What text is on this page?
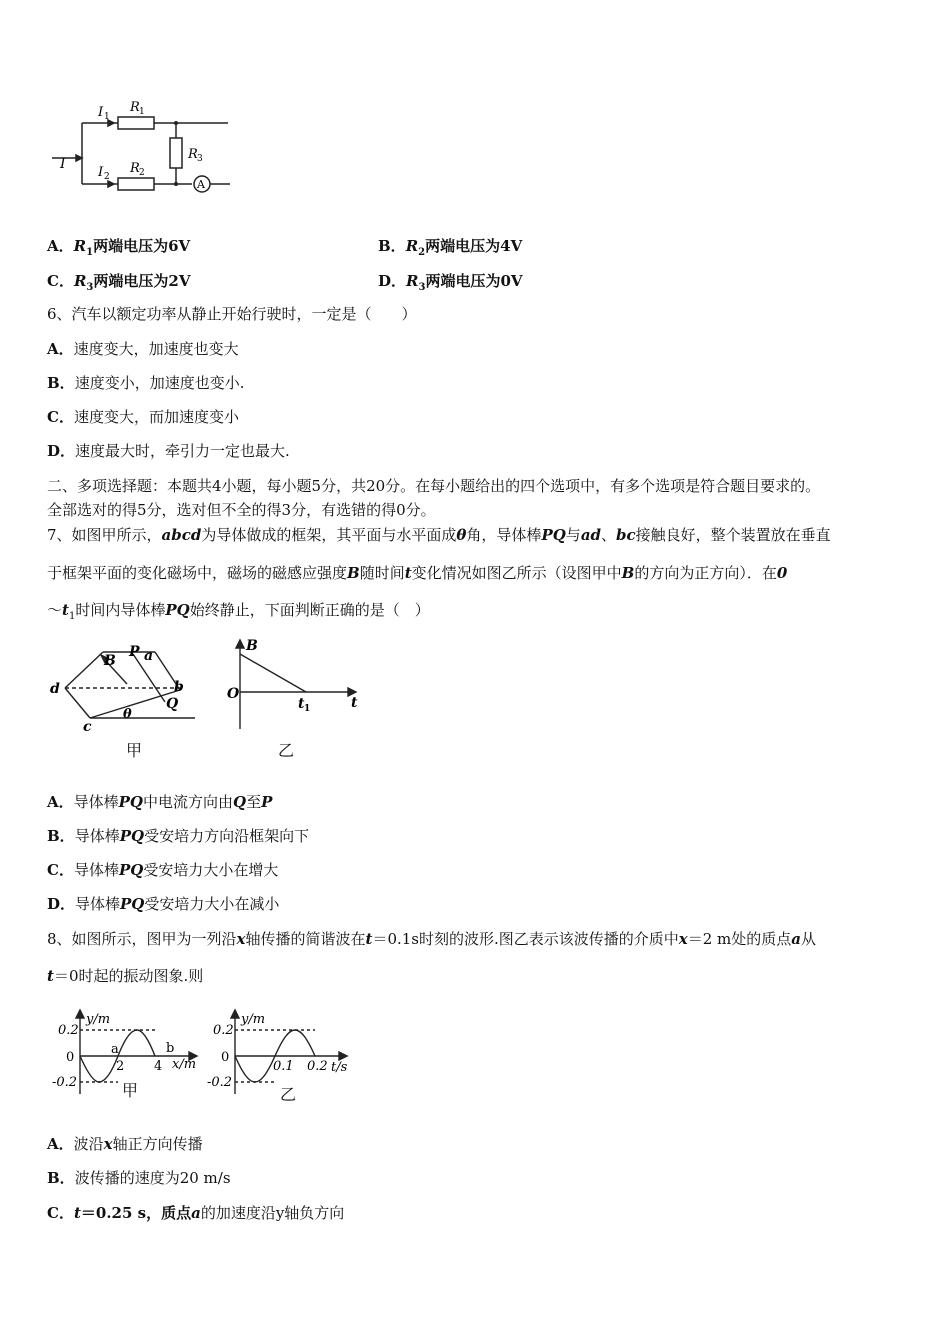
I 1
R 1
I
R 3
I 2
R 2
A
A．$R_1$两端电压为6V	B．$R_2$两端电压为4V
C．$R_3$两端电压为2V	D．$R_3$两端电压为0V
6、汽车以额定功率从静止开始行驶时，一定是（　　）
A．速度变大，加速度也变大
B．速度变小，加速度也变小.
C．速度变大，而加速度变小
D．速度最大时，牵引力一定也最大.
二、多项选择题：本题共4小题，每小题5分，共20分。在每小题给出的四个选项中，有多个选项是符合题目要求的。
全部选对的得5分，选对但不全的得3分，有选错的得0分。
7、如图甲所示，abcd为导体做成的框架，其平面与水平面成θ角，导体棒PQ与ad、bc接触良好，整个装置放在垂直
于框架平面的变化磁场中，磁场的磁感应强度B随时间t变化情况如图乙所示（设图甲中B的方向为正方向）．在0
$\sim t_1$时间内导体棒PQ始终静止，下面判断正确的是（　）
B
P a
d	b
Q
c
θ
甲
B
O
t 1	t
乙
A．导体棒PQ中电流方向由Q至P
B．导体棒PQ受安培力方向沿框架向下
C．导体棒PQ受安培力大小在增大
D．导体棒PQ受安培力大小在减小
8、如图所示，图甲为一列沿x轴传播的简谐波在t＝0.1s时刻的波形.图乙表示该波传播的介质中x＝2 m处的质点a从
t＝0时起的振动图象.则
y/m
0.2
0
-0.2
a
2 4
b
x/m
甲
y/m
0.2
0
-0.2
0.1 0.2 t/s
乙
A．波沿x轴正方向传播
B．波传播的速度为20 m/s
C．t＝0.25 s，质点a的加速度沿y轴负方向
